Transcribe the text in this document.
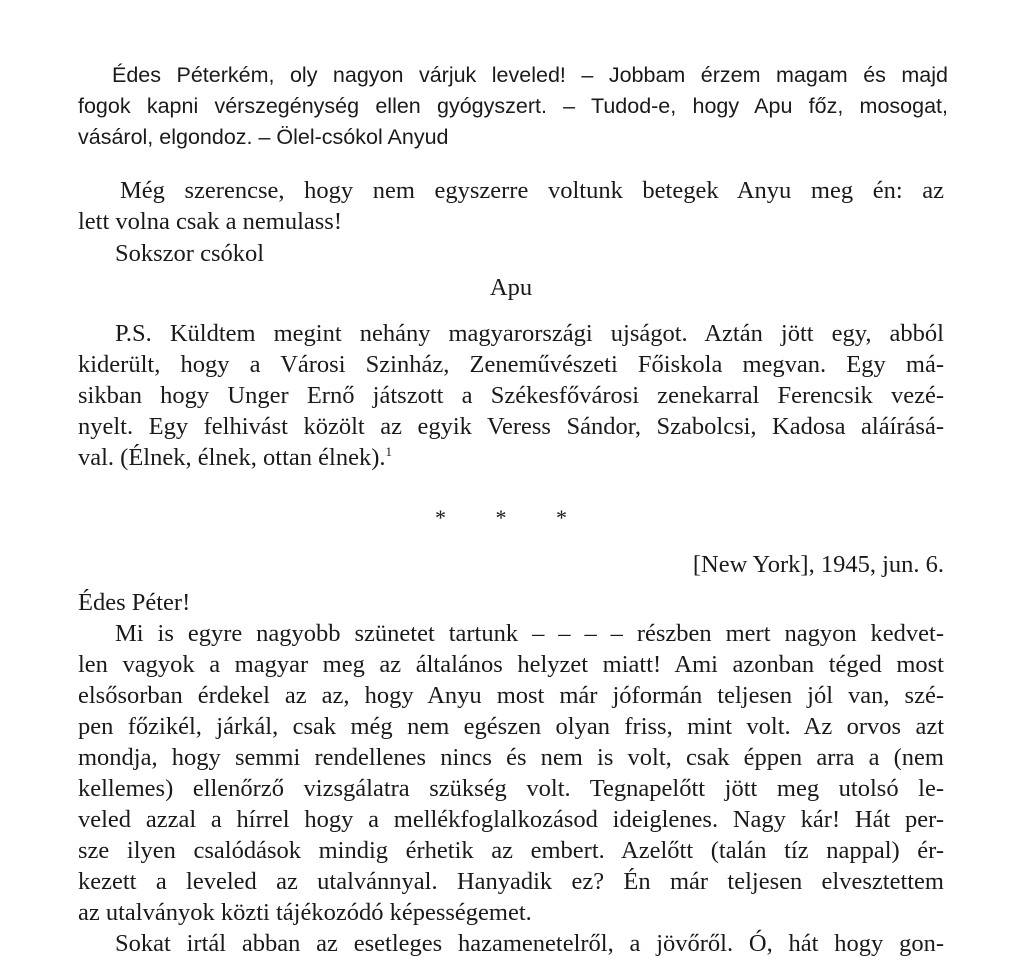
Édes Péterkém, oly nagyon várjuk leveled! – Jobbam érzem magam és majd
fogok kapni vérszegénység ellen gyógyszert. – Tudod-e, hogy Apu főz, mosogat,
vásárol, elgondoz. – Ölel-csókol Anyud

Még szerencse, hogy nem egyszerre voltunk betegek Anyu meg én: az
lett volna csak a nemulass!

Sokszor csókol

Apu

P.S. Küldtem megint nehány magyarországi ujságot. Aztán jött egy, abból
kiderült, hogy a Városi Szinház, Zeneművészeti Főiskola megvan. Egy má-
sikban hogy Unger Ernő játszott a Székesfővárosi zenekarral Ferencsik vezé-
nyelt. Egy felhivást közölt az egyik Veress Sándor, Szabolcsi, Kadosa aláírásá-
val. (Élnek, élnek, ottan élnek).$^1$

* * *

[New York], 1945, jun. 6.

Édes Péter!

Mi is egyre nagyobb szünetet tartunk – – – – részben mert nagyon kedvet-
len vagyok a magyar meg az általános helyzet miatt! Ami azonban téged most
elsősorban érdekel az az, hogy Anyu most már jóformán teljesen jól van, szé-
pen főzikél, járkál, csak még nem egészen olyan friss, mint volt. Az orvos azt
mondja, hogy semmi rendellenes nincs és nem is volt, csak éppen arra a (nem
kellemes) ellenőrző vizsgálatra szükség volt. Tegnapelőtt jött meg utolsó le-
veled azzal a hírrel hogy a mellékfoglalkozásod ideiglenes. Nagy kár! Hát per-
sze ilyen csalódások mindig érhetik az embert. Azelőtt (talán tíz nappal) ér-
kezett a leveled az utalvánnyal. Hanyadik ez? Én már teljesen elvesztettem
az utalványok közti tájékozódó képességemet.
Sokat irtál abban az esetleges hazamenetelről, a jövőről. Ó, hát hogy gon-
